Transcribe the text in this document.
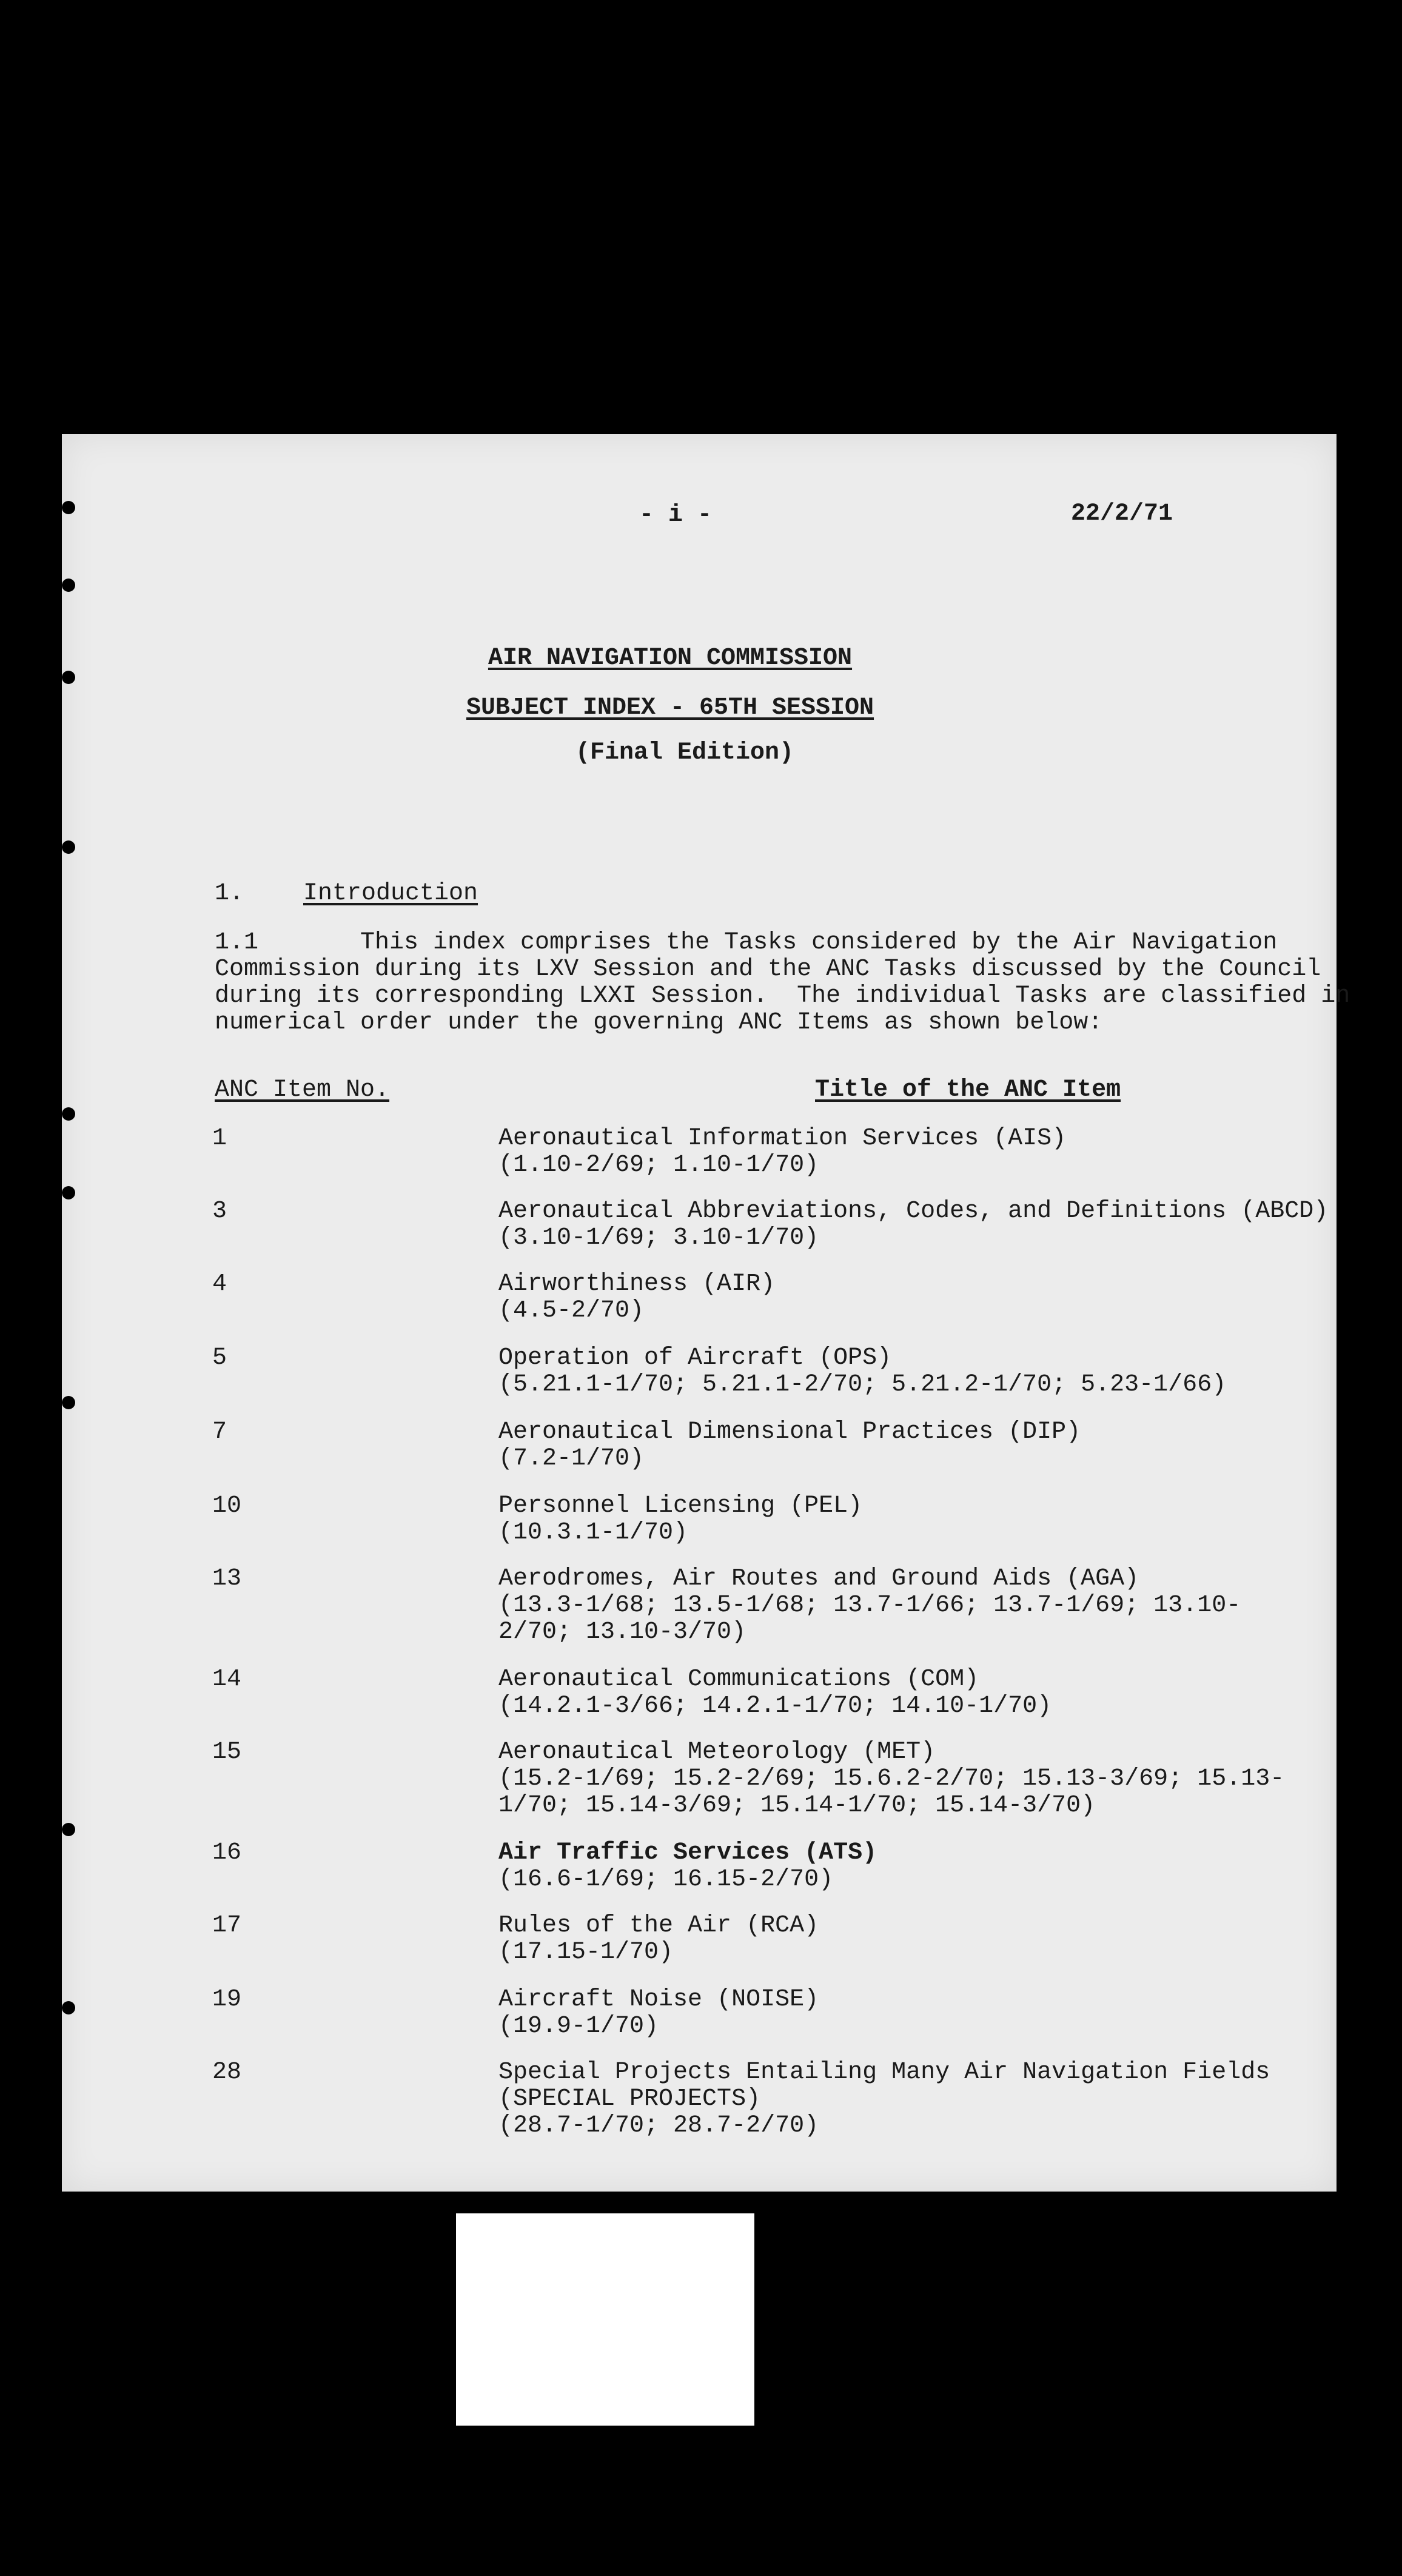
- i -	22/2/71
AIR NAVIGATION COMMISSION
SUBJECT INDEX - 65TH SESSION
(Final Edition)
1. Introduction
1.1	This index comprises the Tasks considered by the Air Navigation
Commission during its LXV Session and the ANC Tasks discussed by the Council
during its corresponding LXXI Session.  The individual Tasks are classified in
numerical order under the governing ANC Items as shown below:
ANC Item No.	Title of the ANC Item
1	Aeronautical Information Services (AIS)
(1.10-2/69; 1.10-1/70)
3	Aeronautical Abbreviations, Codes, and Definitions (ABCD)
(3.10-1/69; 3.10-1/70)
4	Airworthiness (AIR)
(4.5-2/70)
5	Operation of Aircraft (OPS)
(5.21.1-1/70; 5.21.1-2/70; 5.21.2-1/70; 5.23-1/66)
7	Aeronautical Dimensional Practices (DIP)
(7.2-1/70)
10	Personnel Licensing (PEL)
(10.3.1-1/70)
13	Aerodromes, Air Routes and Ground Aids (AGA)
(13.3-1/68; 13.5-1/68; 13.7-1/66; 13.7-1/69; 13.10-2/70; 13.10-3/70)
14	Aeronautical Communications (COM)
(14.2.1-3/66; 14.2.1-1/70; 14.10-1/70)
15	Aeronautical Meteorology (MET)
(15.2-1/69; 15.2-2/69; 15.6.2-2/70; 15.13-3/69; 15.13-1/70; 15.14-3/69; 15.14-1/70; 15.14-3/70)
16	Air Traffic Services (ATS)
(16.6-1/69; 16.15-2/70)
17	Rules of the Air (RCA)
(17.15-1/70)
19	Aircraft Noise (NOISE)
(19.9-1/70)
28	Special Projects Entailing Many Air Navigation Fields (SPECIAL PROJECTS)
(28.7-1/70; 28.7-2/70)
